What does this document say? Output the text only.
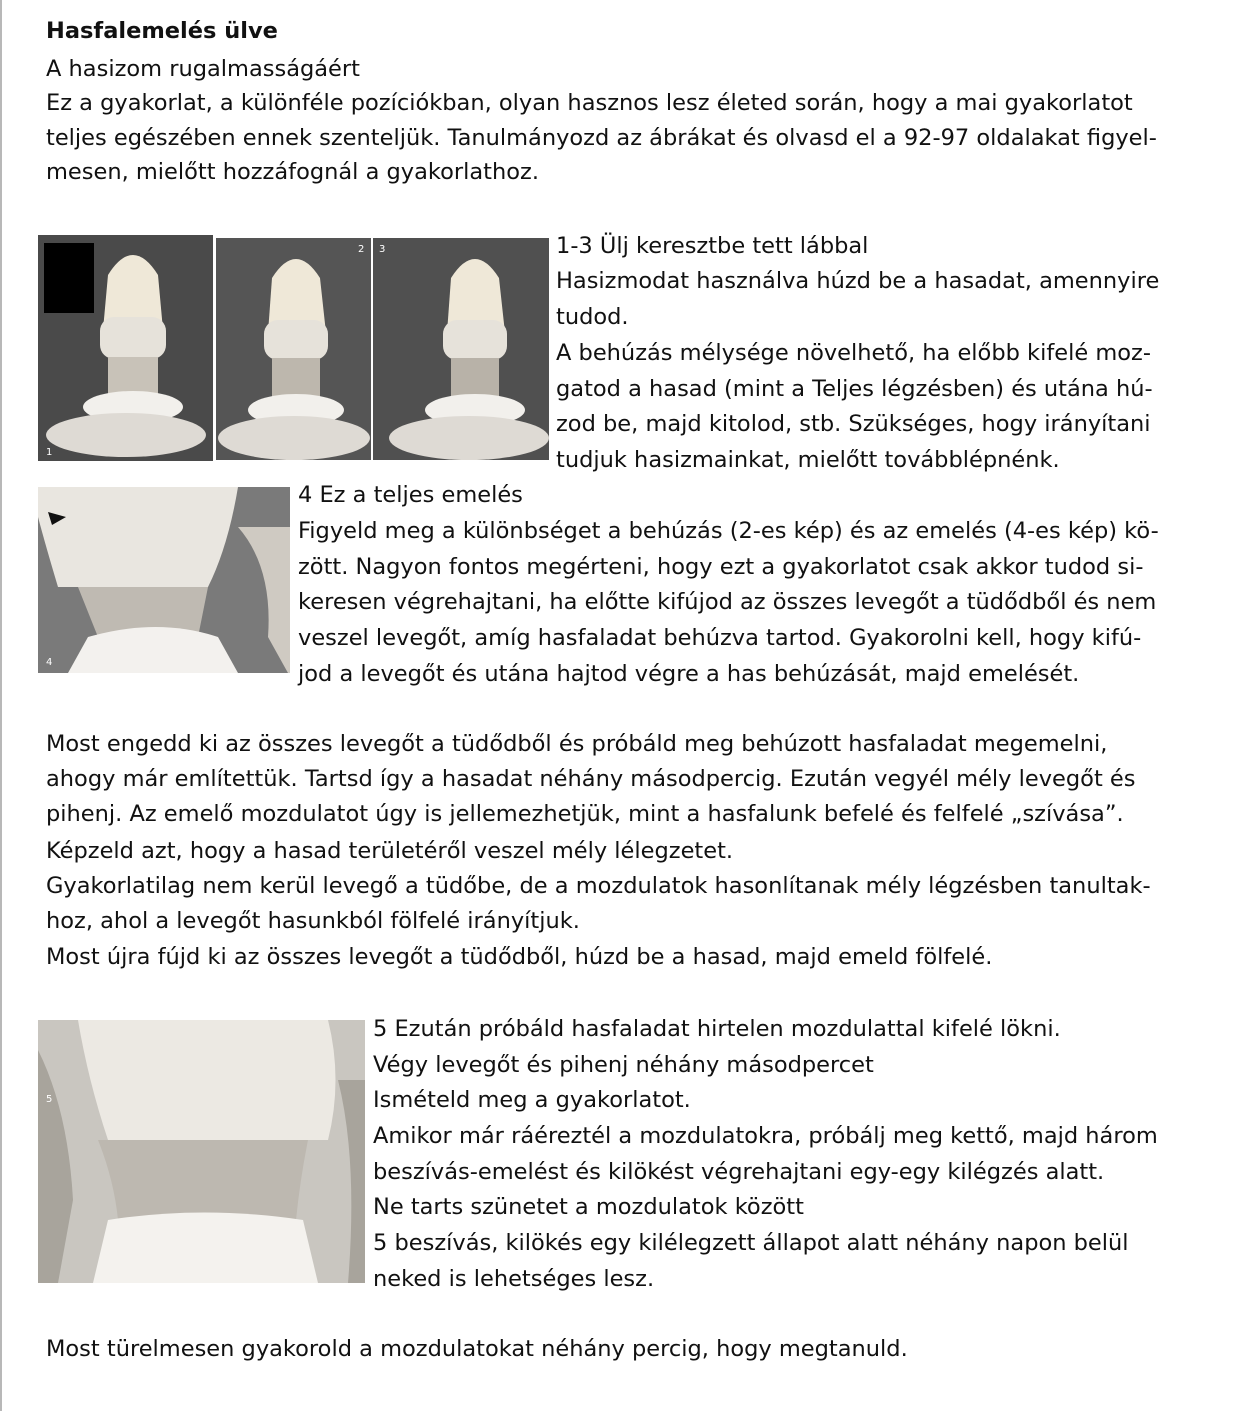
Hasfalemelés ülve
A hasizom rugalmasságáért
Ez a gyakorlat, a különféle pozíciókban, olyan hasznos lesz életed során, hogy a mai gyakorlatot
teljes egészében ennek szenteljük. Tanulmányozd az ábrákat és olvasd el a 92-97 oldalakat figyel-
mesen, mielőtt hozzáfognál a gyakorlathoz.
1
2 3	1-3 Ülj keresztbe tett lábbal
Hasizmodat használva húzd be a hasadat, amennyire
tudod.
A behúzás mélysége növelhető, ha előbb kifelé moz-
gatod a hasad (mint a Teljes légzésben) és utána hú-
zod be, majd kitolod, stb. Szükséges, hogy irányítani
tudjuk hasizmainkat, mielőtt továbblépnénk.
4
4 Ez a teljes emelés
Figyeld meg a különbséget a behúzás (2-es kép) és az emelés (4-es kép) kö-
zött. Nagyon fontos megérteni, hogy ezt a gyakorlatot csak akkor tudod si-
keresen végrehajtani, ha előtte kifújod az összes levegőt a tüdődből és nem
veszel levegőt, amíg hasfaladat behúzva tartod. Gyakorolni kell, hogy kifú-
jod a levegőt és utána hajtod végre a has behúzását, majd emelését.
Most engedd ki az összes levegőt a tüdődből és próbáld meg behúzott hasfaladat megemelni,
ahogy már említettük. Tartsd így a hasadat néhány másodpercig. Ezután vegyél mély levegőt és
pihenj. Az emelő mozdulatot úgy is jellemezhetjük, mint a hasfalunk befelé és felfelé „szívása”.
Képzeld azt, hogy a hasad területéről veszel mély lélegzetet.
Gyakorlatilag nem kerül levegő a tüdőbe, de a mozdulatok hasonlítanak mély légzésben tanultak-
hoz, ahol a levegőt hasunkból fölfelé irányítjuk.
Most újra fújd ki az összes levegőt a tüdődből, húzd be a hasad, majd emeld fölfelé.
5
5 Ezután próbáld hasfaladat hirtelen mozdulattal kifelé lökni.
Végy levegőt és pihenj néhány másodpercet
Ismételd meg a gyakorlatot.
Amikor már ráéreztél a mozdulatokra, próbálj meg kettő, majd három
beszívás-emelést és kilökést végrehajtani egy-egy kilégzés alatt.
Ne tarts szünetet a mozdulatok között
5 beszívás, kilökés egy kilélegzett állapot alatt néhány napon belül
neked is lehetséges lesz.
Most türelmesen gyakorold a mozdulatokat néhány percig, hogy megtanuld.
